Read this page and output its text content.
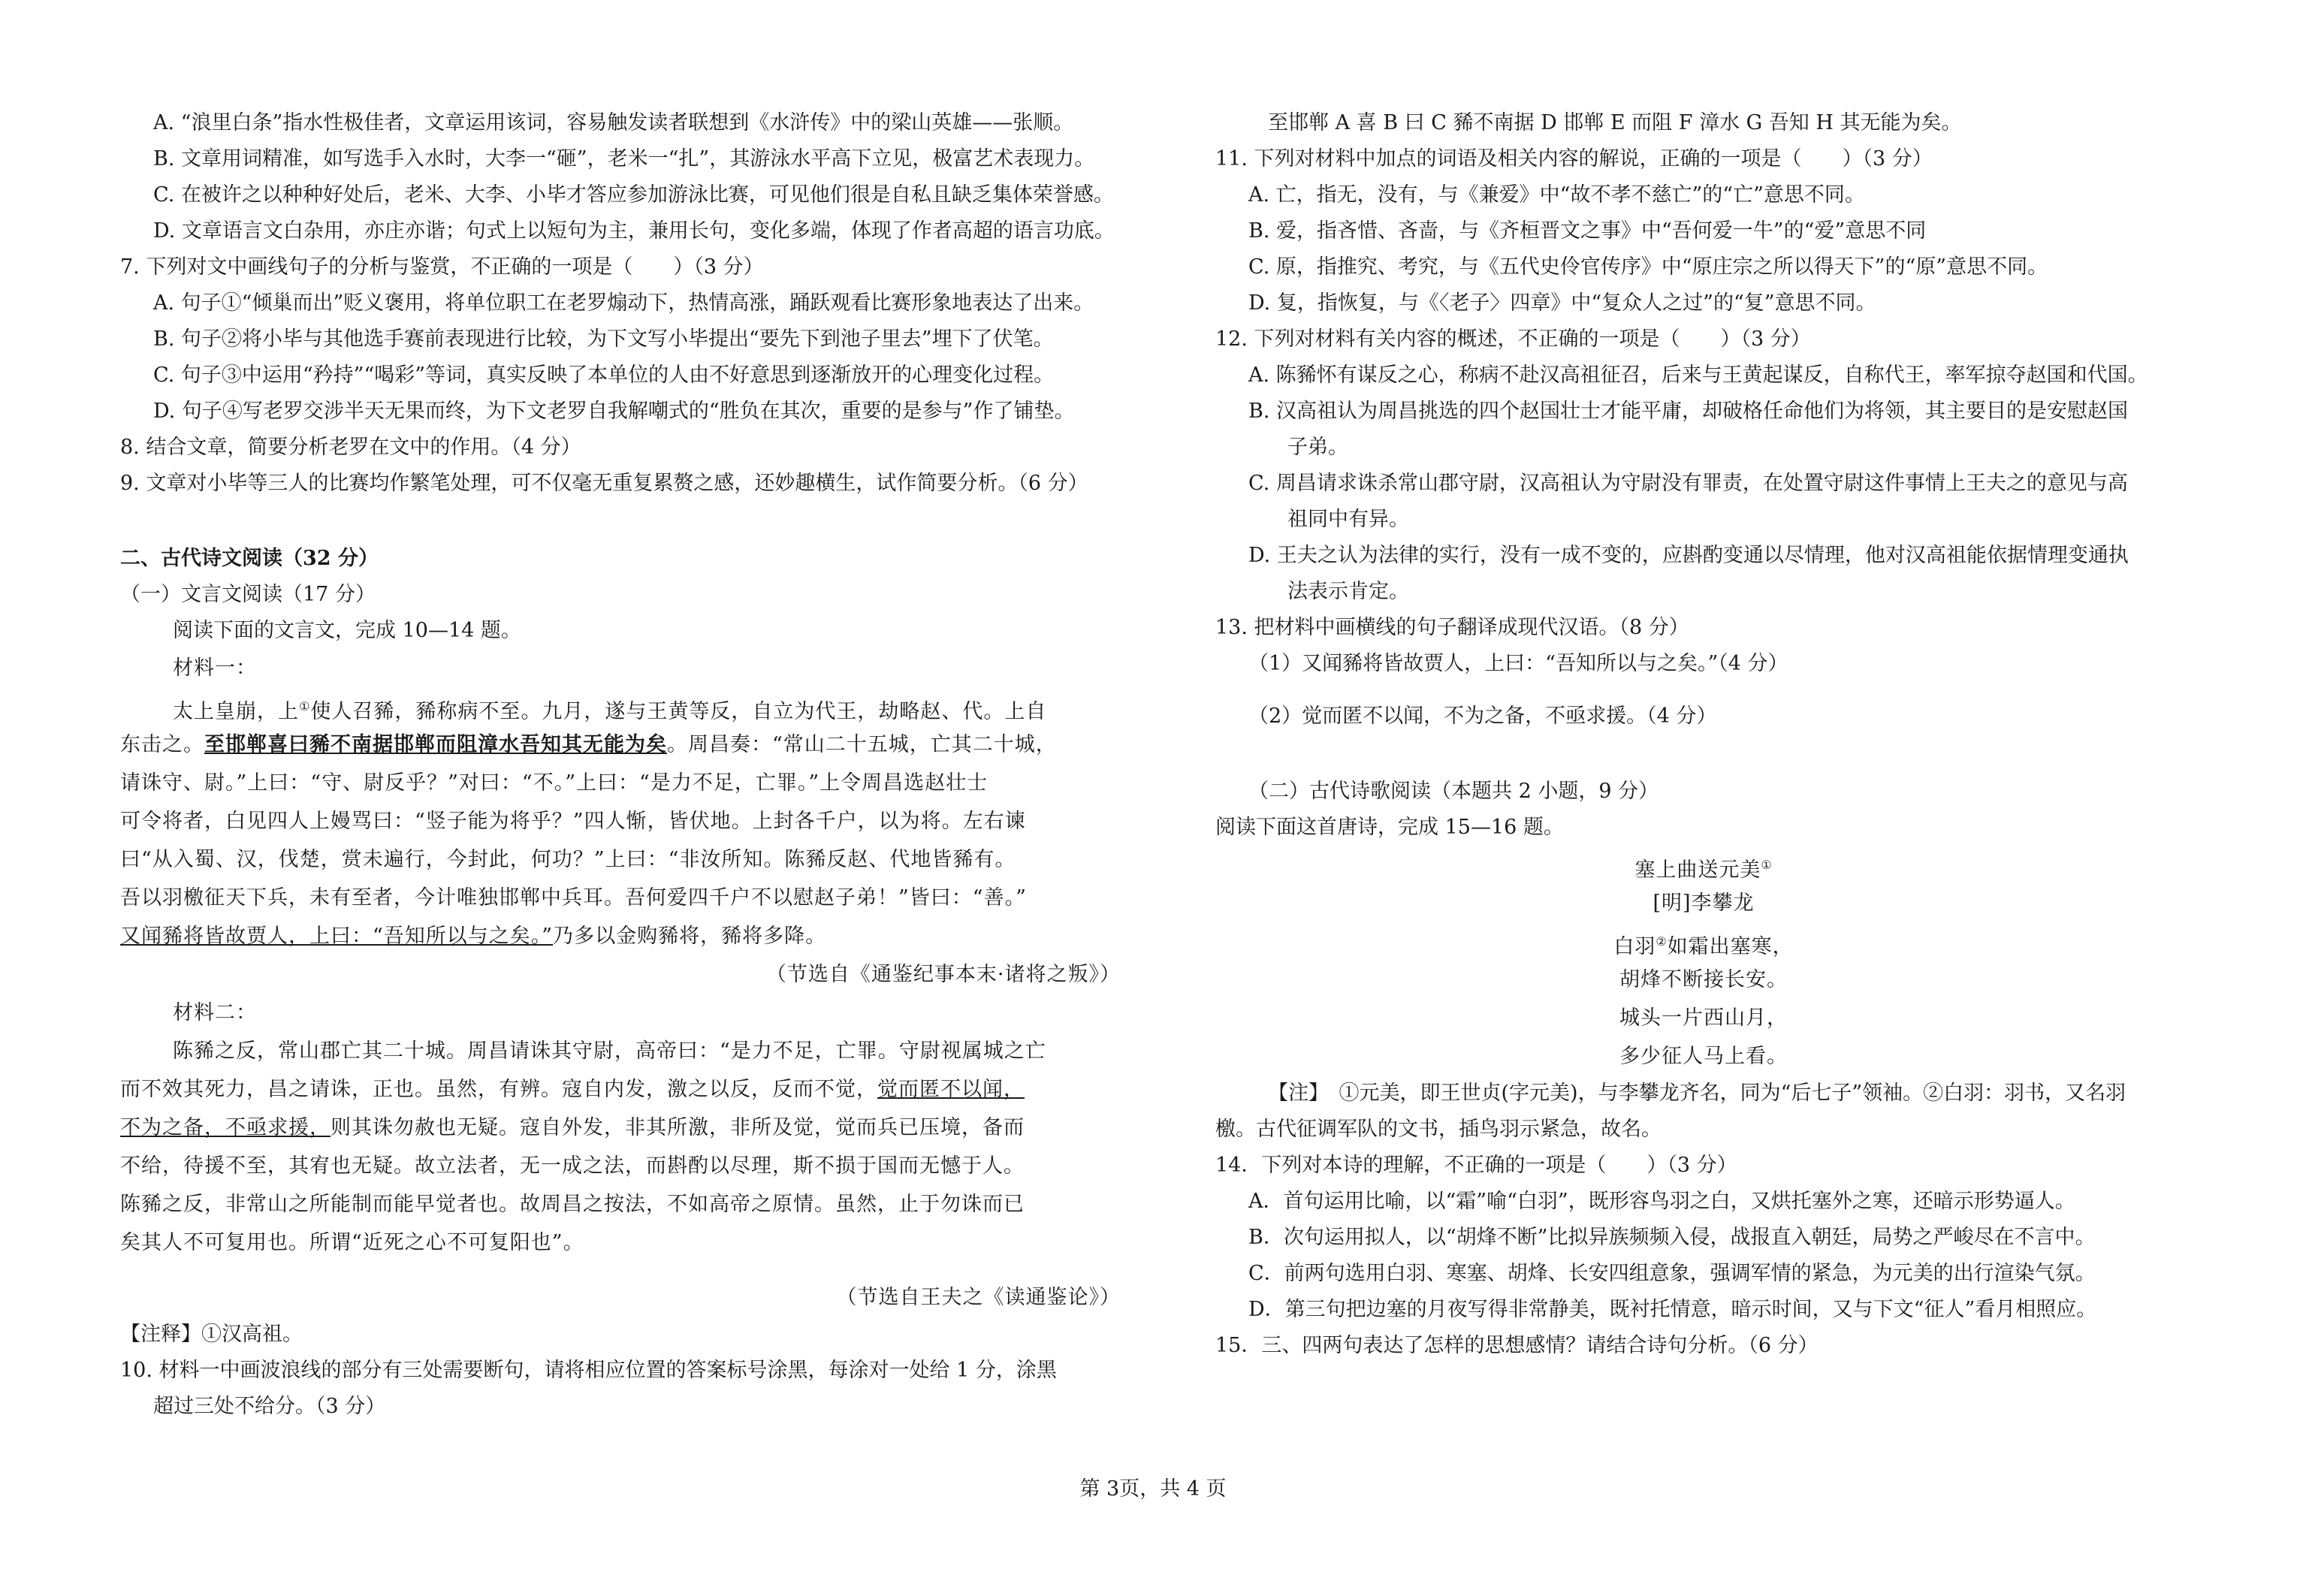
A. “浪里白条”指水性极佳者，文章运用该词，容易触发读者联想到《水浒传》中的梁山英雄——张顺。
B. 文章用词精准，如写选手入水时，大李一“砸”，老米一“扎”，其游泳水平高下立见，极富艺术表现力。
C. 在被许之以种种好处后，老米、大李、小毕才答应参加游泳比赛，可见他们很是自私且缺乏集体荣誉感。
D. 文章语言文白杂用，亦庄亦谐；句式上以短句为主，兼用长句，变化多端，体现了作者高超的语言功底。
7. 下列对文中画线句子的分析与鉴赏，不正确的一项是（　　）（3 分）
A. 句子①“倾巢而出”贬义褒用，将单位职工在老罗煽动下，热情高涨，踊跃观看比赛形象地表达了出来。
B. 句子②将小毕与其他选手赛前表现进行比较，为下文写小毕提出“要先下到池子里去”埋下了伏笔。
C. 句子③中运用“矜持”“喝彩”等词，真实反映了本单位的人由不好意思到逐渐放开的心理变化过程。
D. 句子④写老罗交涉半天无果而终，为下文老罗自我解嘲式的“胜负在其次，重要的是参与”作了铺垫。
8. 结合文章，简要分析老罗在文中的作用。（4 分）
9. 文章对小毕等三人的比赛均作繁笔处理，可不仅毫无重复累赘之感，还妙趣横生，试作简要分析。（6 分）
二、古代诗文阅读（32 分）
（一）文言文阅读（17 分）
阅读下面的文言文，完成 10—14 题。
材料一：
太上皇崩，上①使人召豨，豨称病不至。九月，遂与王黄等反，自立为代王，劫略赵、代。上自
东击之。至邯郸喜曰豨不南据邯郸而阻漳水吾知其无能为矣。周昌奏：“常山二十五城，亡其二十城，
请诛守、尉。”上曰：“守、尉反乎？”对曰：“不。”上曰：“是力不足，亡罪。”上令周昌选赵壮士
可令将者，白见四人上嫚骂曰：“竖子能为将乎？”四人惭，皆伏地。上封各千户，以为将。左右谏
曰“从入蜀、汉，伐楚，赏未遍行，今封此，何功？”上曰：“非汝所知。陈豨反赵、代地皆豨有。
吾以羽檄征天下兵，未有至者，今计唯独邯郸中兵耳。吾何爱四千户不以慰赵子弟！”皆曰：“善。”
又闻豨将皆故贾人，上曰：“吾知所以与之矣。”乃多以金购豨将，豨将多降。
（节选自《通鉴纪事本末·诸将之叛》）
材料二：
陈豨之反，常山郡亡其二十城。周昌请诛其守尉，高帝曰：“是力不足，亡罪。守尉视属城之亡
而不效其死力，昌之请诛，正也。虽然，有辨。寇自内发，激之以反，反而不觉，觉而匿不以闻，
不为之备，不亟求援，则其诛勿赦也无疑。寇自外发，非其所激，非所及觉，觉而兵已压境，备而
不给，待援不至，其宥也无疑。故立法者，无一成之法，而斟酌以尽理，斯不损于国而无憾于人。
陈豨之反，非常山之所能制而能早觉者也。故周昌之按法，不如高帝之原情。虽然，止于勿诛而已
矣其人不可复用也。所谓“近死之心不可复阳也”。
（节选自王夫之《读通鉴论》）
【注释】①汉高祖。
10. 材料一中画波浪线的部分有三处需要断句，请将相应位置的答案标号涂黑，每涂对一处给 1 分，涂黑
超过三处不给分。（3 分）
至邯郸 A 喜 B 曰 C 豨不南据 D 邯郸 E 而阻 F 漳水 G 吾知 H 其无能为矣。
11. 下列对材料中加点的词语及相关内容的解说，正确的一项是（　　）（3 分）
A. 亡，指无，没有，与《兼爱》中“故不孝不慈亡”的“亡”意思不同。
B. 爱，指吝惜、吝啬，与《齐桓晋文之事》中“吾何爱一牛”的“爱”意思不同
C. 原，指推究、考究，与《五代史伶官传序》中“原庄宗之所以得天下”的“原”意思不同。
D. 复，指恢复，与《〈老子〉四章》中“复众人之过”的“复”意思不同。
12. 下列对材料有关内容的概述，不正确的一项是（　　）（3 分）
A. 陈豨怀有谋反之心，称病不赴汉高祖征召，后来与王黄起谋反，自称代王，率军掠夺赵国和代国。
B. 汉高祖认为周昌挑选的四个赵国壮士才能平庸，却破格任命他们为将领，其主要目的是安慰赵国
子弟。
C. 周昌请求诛杀常山郡守尉，汉高祖认为守尉没有罪责，在处置守尉这件事情上王夫之的意见与高
祖同中有异。
D. 王夫之认为法律的实行，没有一成不变的，应斟酌变通以尽情理，他对汉高祖能依据情理变通执
法表示肯定。
13. 把材料中画横线的句子翻译成现代汉语。（8 分）
（1）又闻豨将皆故贾人，上曰：“吾知所以与之矣。”（4 分）
（2）觉而匿不以闻，不为之备，不亟求援。（4 分）
（二）古代诗歌阅读（本题共 2 小题，9 分）
阅读下面这首唐诗，完成 15—16 题。
塞上曲送元美①
[明]李攀龙
白羽②如霜出塞寒，
胡烽不断接长安。
城头一片西山月，
多少征人马上看。
【注】　①元美，即王世贞(字元美)，与李攀龙齐名，同为“后七子”领袖。②白羽：羽书，又名羽
檄。古代征调军队的文书，插鸟羽示紧急，故名。
14．下列对本诗的理解，不正确的一项是（　　）（3 分）
A．首句运用比喻，以“霜”喻“白羽”，既形容鸟羽之白，又烘托塞外之寒，还暗示形势逼人。
B．次句运用拟人，以“胡烽不断”比拟异族频频入侵，战报直入朝廷，局势之严峻尽在不言中。
C．前两句选用白羽、寒塞、胡烽、长安四组意象，强调军情的紧急，为元美的出行渲染气氛。
D．第三句把边塞的月夜写得非常静美，既衬托情意，暗示时间，又与下文“征人”看月相照应。
15．三、四两句表达了怎样的思想感情？请结合诗句分析。（6 分）
第 3页，共 4 页
